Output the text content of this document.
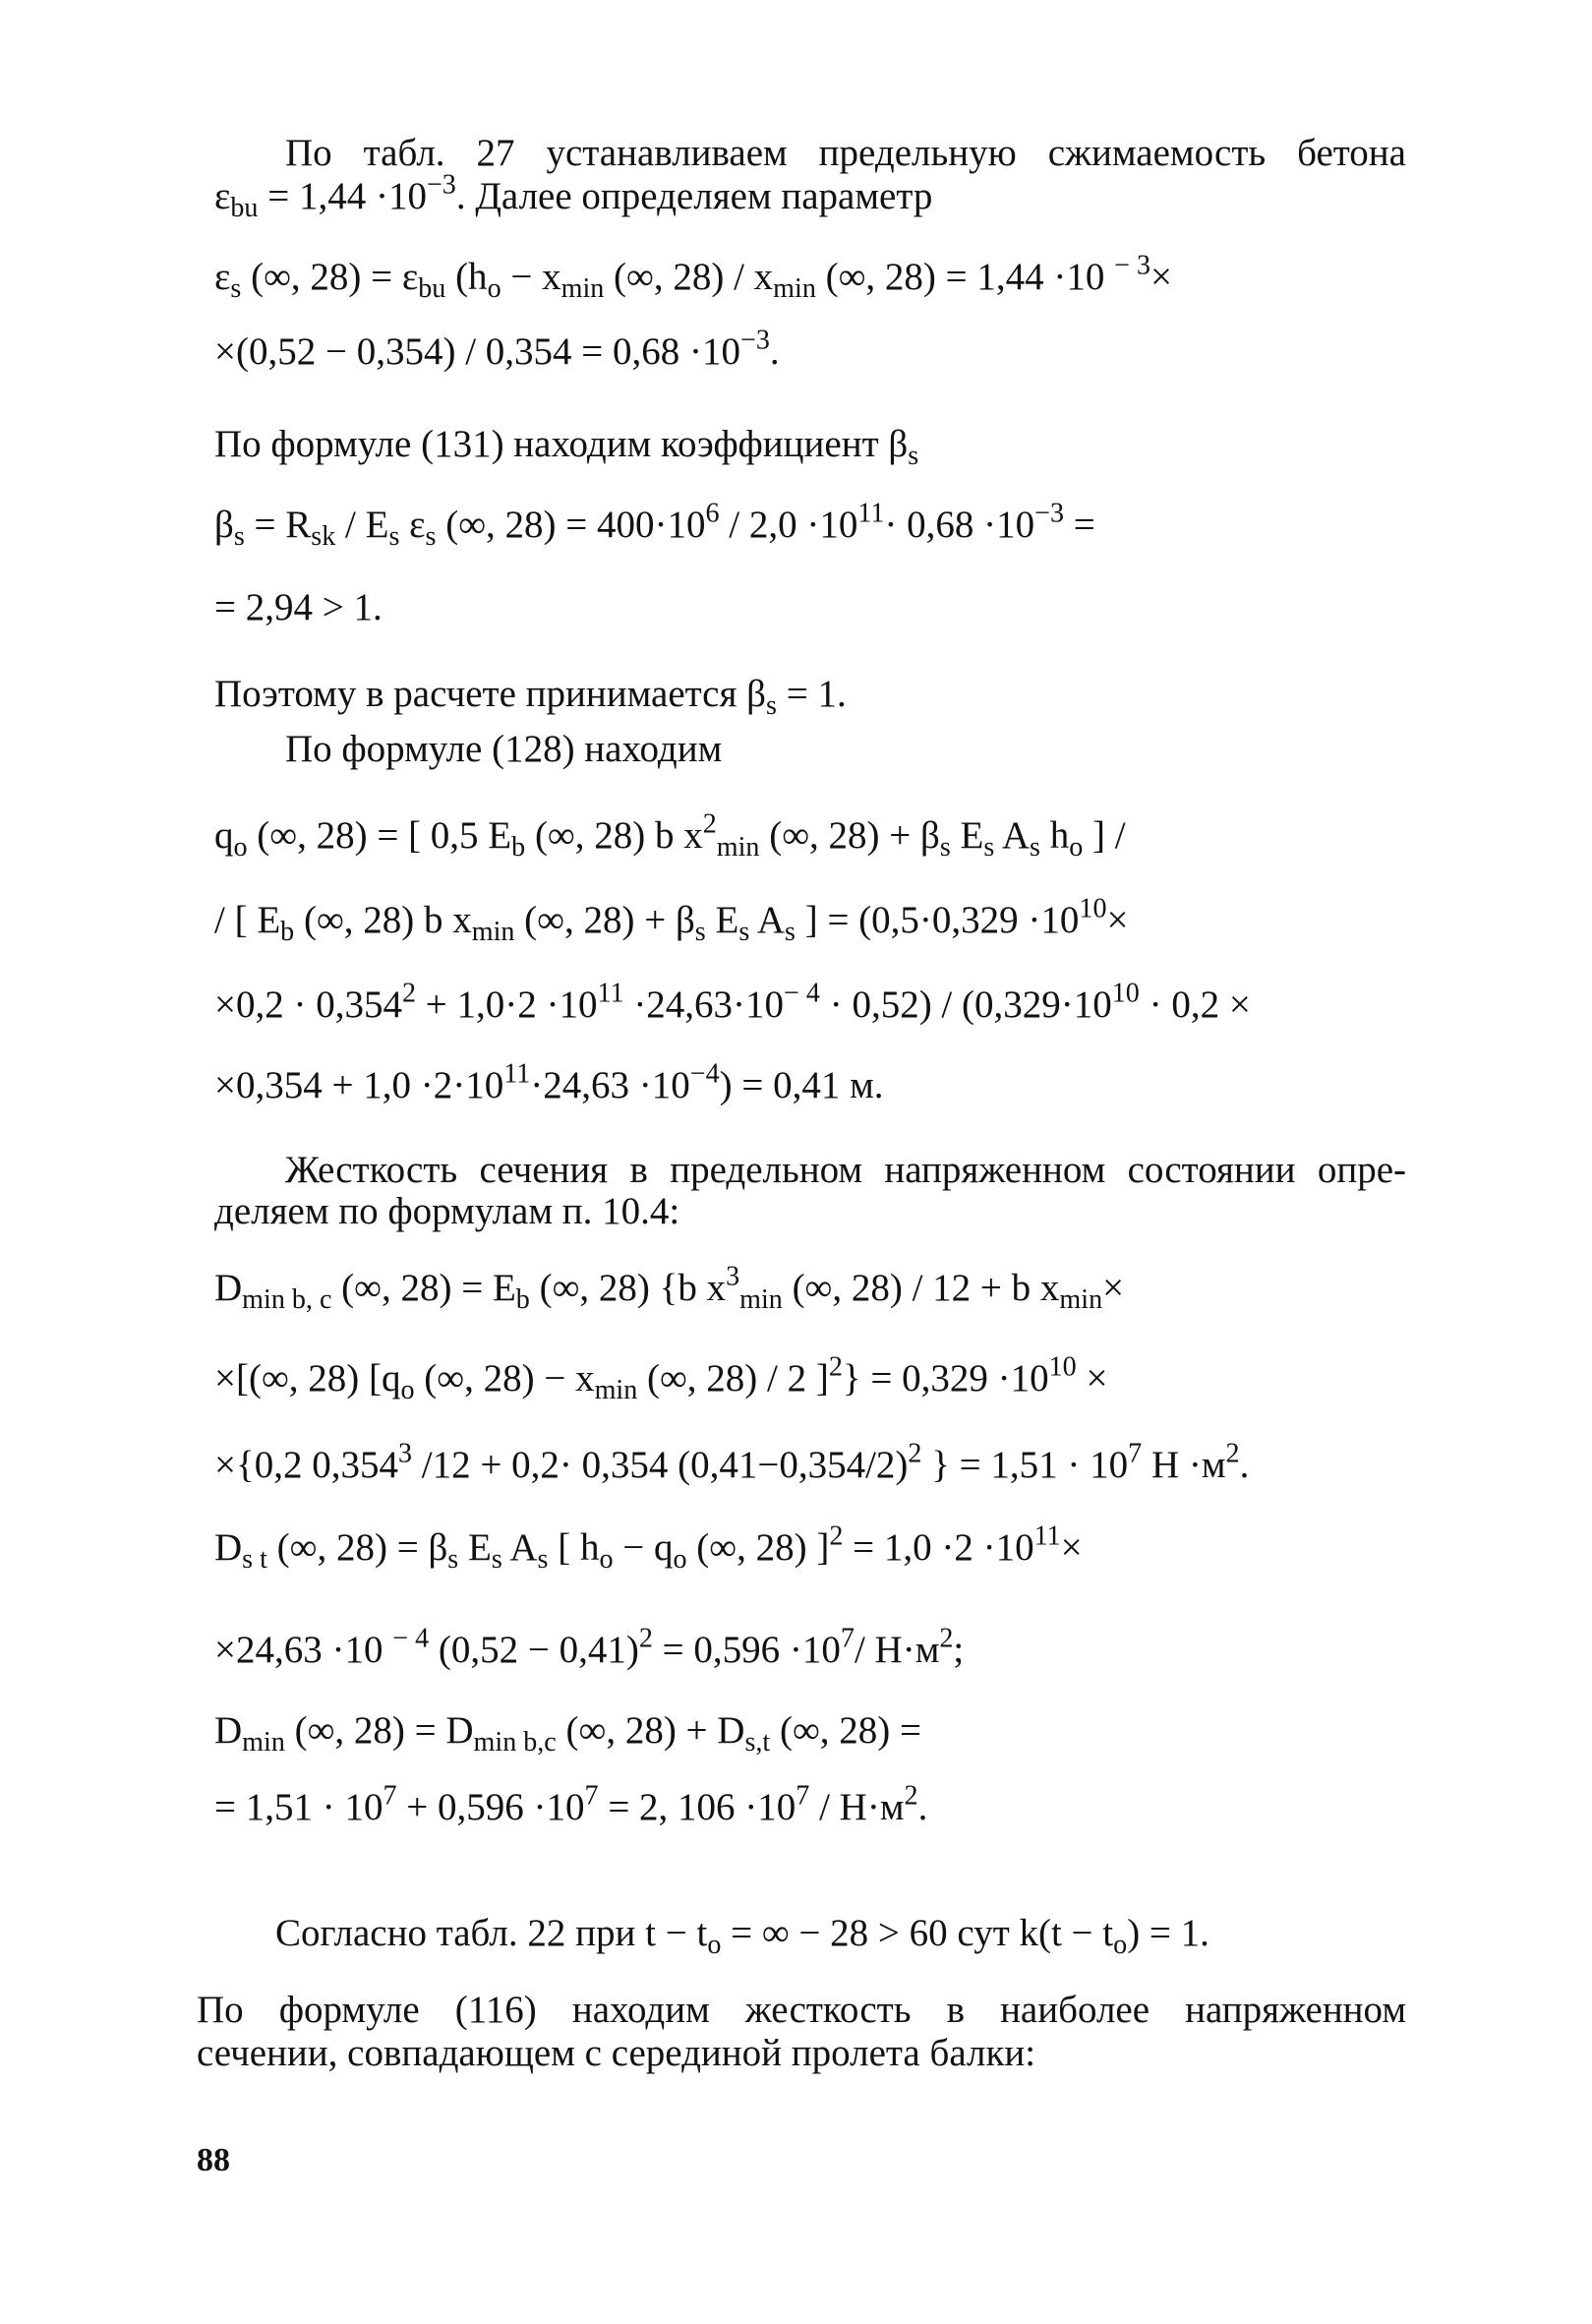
По табл. 27 устанавливаем предельную сжимаемость бетона
$\varepsilon_{bu} = 1,44 \cdot 10^{-3}$. Далее определяем параметр
$\varepsilon_s$ (∞, $28) = \varepsilon_{bu}$ ($h_o - x_{min}$ (∞, $28) / x_{min}$ (∞, 28) = 1,44 ·10 $^{- 3}$×
$\times(0,52 - 0,354) / 0,354 = 0,68 \cdot 10^{-3}$.
По формуле (131) находим коэффициент $\beta_s$
$\beta_s = R_{sk} / E_s$ $\varepsilon_s$ (∞, $28) = 400\cdot 10^6 / 2,0 \cdot 10^{11}\cdot 0,68 \cdot 10^{-3}$ =
= 2,94 > 1.
Поэтому в расчете принимается $\beta_s = 1$.
По формуле (128) находим
$q_o$ (∞, 28) = [ 0,5 $E_b$ (∞, 28) b $x^2_{min}$ (∞, $28) + \beta_s$ $E_s$ $A_s$ $h_o$ ] /
/ [ $E_b$ (∞, 28) b $x_{min}$ (∞, $28) + \beta_s$ $E_s$ $A_s$ ] = ($0,5\cdot 0,329 \cdot 10^{10}\times$
$\times 0,2 \cdot 0,354^2 + 1,0\cdot 2 \cdot 10^{11} \cdot 24,63\cdot 10^{- 4} \cdot 0,52) / (0,329\cdot 10^{10} \cdot 0,2$ ×
$\times 0,354 + 1,0 \cdot 2\cdot 10^{11}\cdot 24,63 \cdot 10^{-4}) = 0,41$ м.
Жесткость сечения в предельном напряженном состоянии опре-
деляем по формулам п. 10.4:
$D_{min b, c}$ (∞, $28) = E_b$ (∞, 28) {b $x^3_{min}$ (∞, 28) / 12 + b $x_{min}\times$
×[(∞, 28) [$q_o$ (∞, $28) - x_{min}$ (∞, 28) / 2 ]$^2\} = 0,329 \cdot 10^{10}$ ×
×{0,2 0,354$^3$ /12 + 0,2· 0,354 $(0,41-0,354/2)^2$ } = $1,51 \cdot 10^7$ $Н \cdot м^2$.
$D_{s t}$ (∞, $28) = \beta_s$ $E_s$ $A_s$ [ $h_o - q_o$ (∞, 28) ]$^2 = 1,0 \cdot 2 \cdot 10^{11}\times$
×24,63 ·10 $^{- 4}$ $(0,52 - 0,41)^2 = 0,596 \cdot 10^7/$ $Н\cdot м^2$;
$D_{min}$ (∞, $28) = D_{min b,c}$ (∞, $28) + D_{s,t}$ (∞, 28) =
= $1,51 \cdot 10^7 + 0,596 \cdot 10^7 = 2$, $106 \cdot 10^7 / Н\cdot м^2$.
Согласно табл. 22 при $t - t_o$ = ∞ − 28 > 60 сут $k(t - t_o) = 1$.
По формуле (116) находим жесткость в наиболее напряженном
сечении, совпадающем с серединой пролета балки:
88
